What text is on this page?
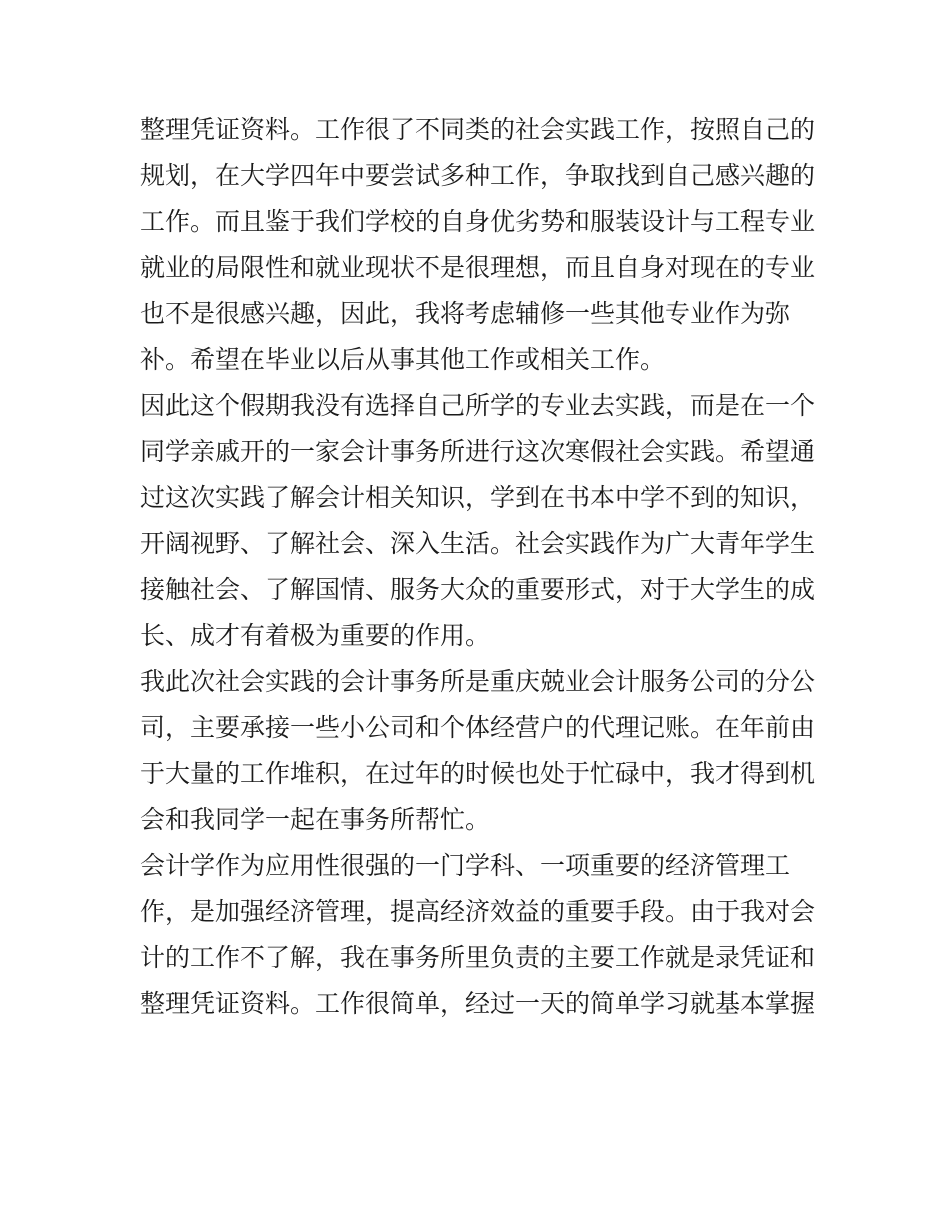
整理凭证资料。工作很了不同类的社会实践工作，按照自己的
规划，在大学四年中要尝试多种工作，争取找到自己感兴趣的
工作。而且鉴于我们学校的自身优劣势和服装设计与工程专业
就业的局限性和就业现状不是很理想，而且自身对现在的专业
也不是很感兴趣，因此，我将考虑辅修一些其他专业作为弥
补。希望在毕业以后从事其他工作或相关工作。
因此这个假期我没有选择自己所学的专业去实践，而是在一个
同学亲戚开的一家会计事务所进行这次寒假社会实践。希望通
过这次实践了解会计相关知识，学到在书本中学不到的知识，
开阔视野、了解社会、深入生活。社会实践作为广大青年学生
接触社会、了解国情、服务大众的重要形式，对于大学生的成
长、成才有着极为重要的作用。
我此次社会实践的会计事务所是重庆兢业会计服务公司的分公
司，主要承接一些小公司和个体经营户的代理记账。在年前由
于大量的工作堆积，在过年的时候也处于忙碌中，我才得到机
会和我同学一起在事务所帮忙。
会计学作为应用性很强的一门学科、一项重要的经济管理工
作，是加强经济管理，提高经济效益的重要手段。由于我对会
计的工作不了解，我在事务所里负责的主要工作就是录凭证和
整理凭证资料。工作很简单，经过一天的简单学习就基本掌握
